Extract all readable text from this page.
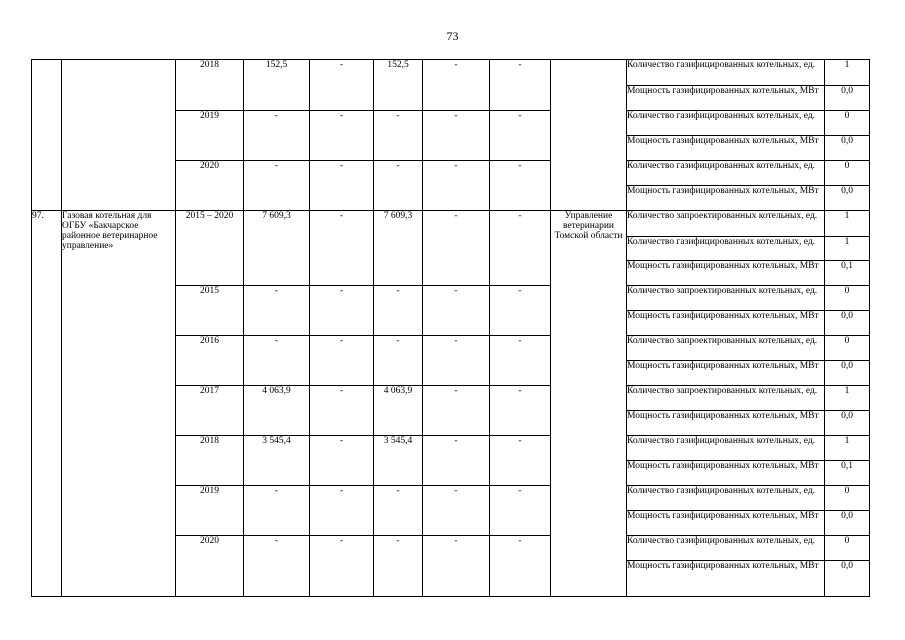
73
		2018	152,5	-	152,5	-	-		Количество газифицированных котельных, ед.	1
									Мощность газифицированных котельных, МВт	0,0
		2019	-	-	-	-	-		Количество газифицированных котельных, ед.	0
									Мощность газифицированных котельных, МВт	0,0
		2020	-	-	-	-	-		Количество газифицированных котельных, ед.	0
									Мощность газифицированных котельных, МВт	0,0
97.	Газовая котельная для ОГБУ «Бакчарское районное ветеринарное управление»	2015 – 2020	7 609,3	-	7 609,3	-	-	Управление ветеринарии Томской области	Количество запроектированных котельных, ед.	1
									Количество газифицированных котельных, ед.	1
									Мощность газифицированных котельных, МВт	0,1
		2015	-	-	-	-	-		Количество запроектированных котельных, ед.	0
									Мощность газифицированных котельных, МВт	0,0
		2016	-	-	-	-	-		Количество запроектированных котельных, ед.	0
									Мощность газифицированных котельных, МВт	0,0
		2017	4 063,9	-	4 063,9	-	-		Количество запроектированных котельных, ед.	1
									Мощность газифицированных котельных, МВт	0,0
		2018	3 545,4	-	3 545,4	-	-		Количество газифицированных котельных, ед.	1
									Мощность газифицированных котельных, МВт	0,1
		2019	-	-	-	-	-		Количество газифицированных котельных, ед.	0
									Мощность газифицированных котельных, МВт	0,0
		2020	-	-	-	-	-		Количество газифицированных котельных, ед.	0
									Мощность газифицированных котельных, МВт	0,0
